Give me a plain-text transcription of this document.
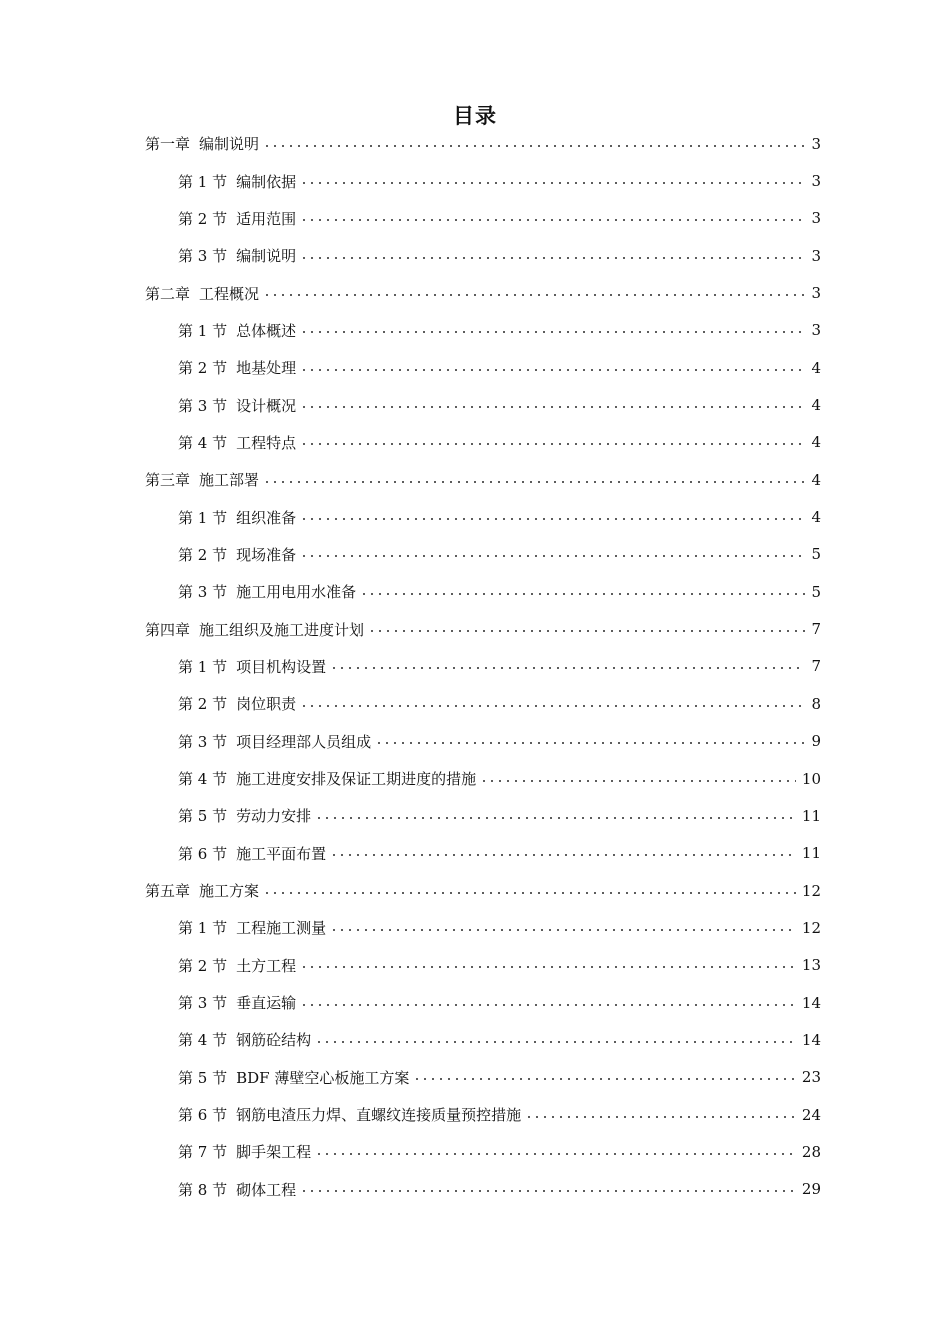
目录
第一章 编制说明	3
第 1 节 编制依据	3
第 2 节 适用范围	3
第 3 节 编制说明	3
第二章 工程概况	3
第 1 节 总体概述	3
第 2 节 地基处理	4
第 3 节 设计概况	4
第 4 节 工程特点	4
第三章 施工部署	4
第 1 节 组织准备	4
第 2 节 现场准备	5
第 3 节 施工用电用水准备	5
第四章 施工组织及施工进度计划	7
第 1 节 项目机构设置	7
第 2 节 岗位职责	8
第 3 节 项目经理部人员组成	9
第 4 节 施工进度安排及保证工期进度的措施	10
第 5 节 劳动力安排	11
第 6 节 施工平面布置	11
第五章 施工方案	12
第 1 节 工程施工测量	12
第 2 节 土方工程	13
第 3 节 垂直运输	14
第 4 节 钢筋砼结构	14
第 5 节 BDF 薄壁空心板施工方案	23
第 6 节 钢筋电渣压力焊、直螺纹连接质量预控措施	24
第 7 节 脚手架工程	28
第 8 节 砌体工程	29
